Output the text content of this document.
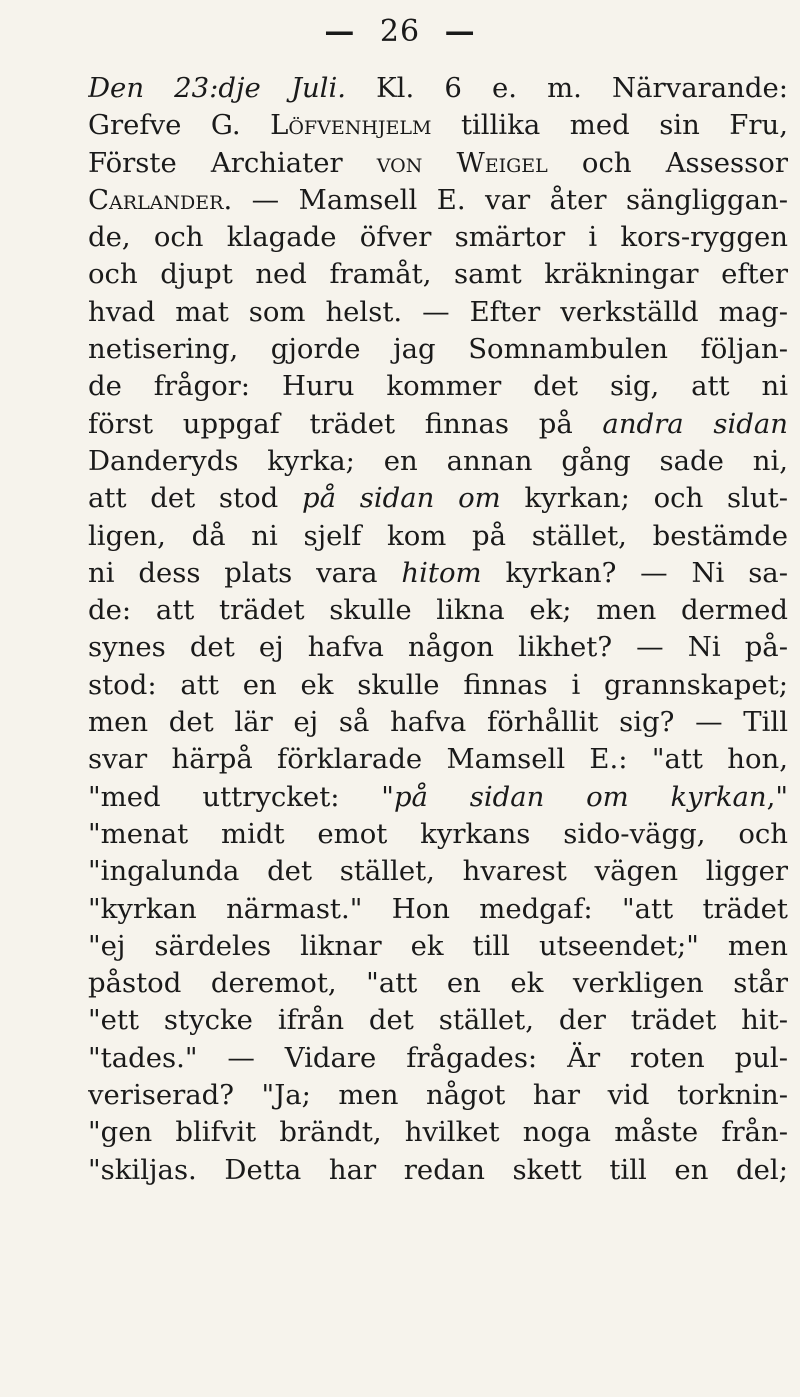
— 26 —
Den 23:dje Juli. Kl. 6 e. m. Närvarande:
Grefve G. Löfvenhjelm tillika med sin Fru,
Förste Archiater von Weigel och Assessor
Carlander. — Mamsell E. var åter sängliggan-
de, och klagade öfver smärtor i kors-ryggen
och djupt ned framåt, samt kräkningar efter
hvad mat som helst. — Efter verkställd mag-
netisering, gjorde jag Somnambulen följan-
de frågor: Huru kommer det sig, att ni
först uppgaf trädet finnas på andra sidan
Danderyds kyrka; en annan gång sade ni,
att det stod på sidan om kyrkan; och slut-
ligen, då ni sjelf kom på stället, bestämde
ni dess plats vara hitom kyrkan? — Ni sa-
de: att trädet skulle likna ek; men dermed
synes det ej hafva någon likhet? — Ni på-
stod: att en ek skulle finnas i grannskapet;
men det lär ej så hafva förhållit sig? — Till
svar härpå förklarade Mamsell E.: "att hon,
"med uttrycket: "på sidan om kyrkan,"
"menat midt emot kyrkans sido-vägg, och
"ingalunda det stället, hvarest vägen ligger
"kyrkan närmast." Hon medgaf: "att trädet
"ej särdeles liknar ek till utseendet;" men
påstod deremot, "att en ek verkligen står
"ett stycke ifrån det stället, der trädet hit-
"tades." — Vidare frågades: Är roten pul-
veriserad? "Ja; men något har vid torknin-
"gen blifvit brändt, hvilket noga måste från-
"skiljas. Detta har redan skett till en del;
